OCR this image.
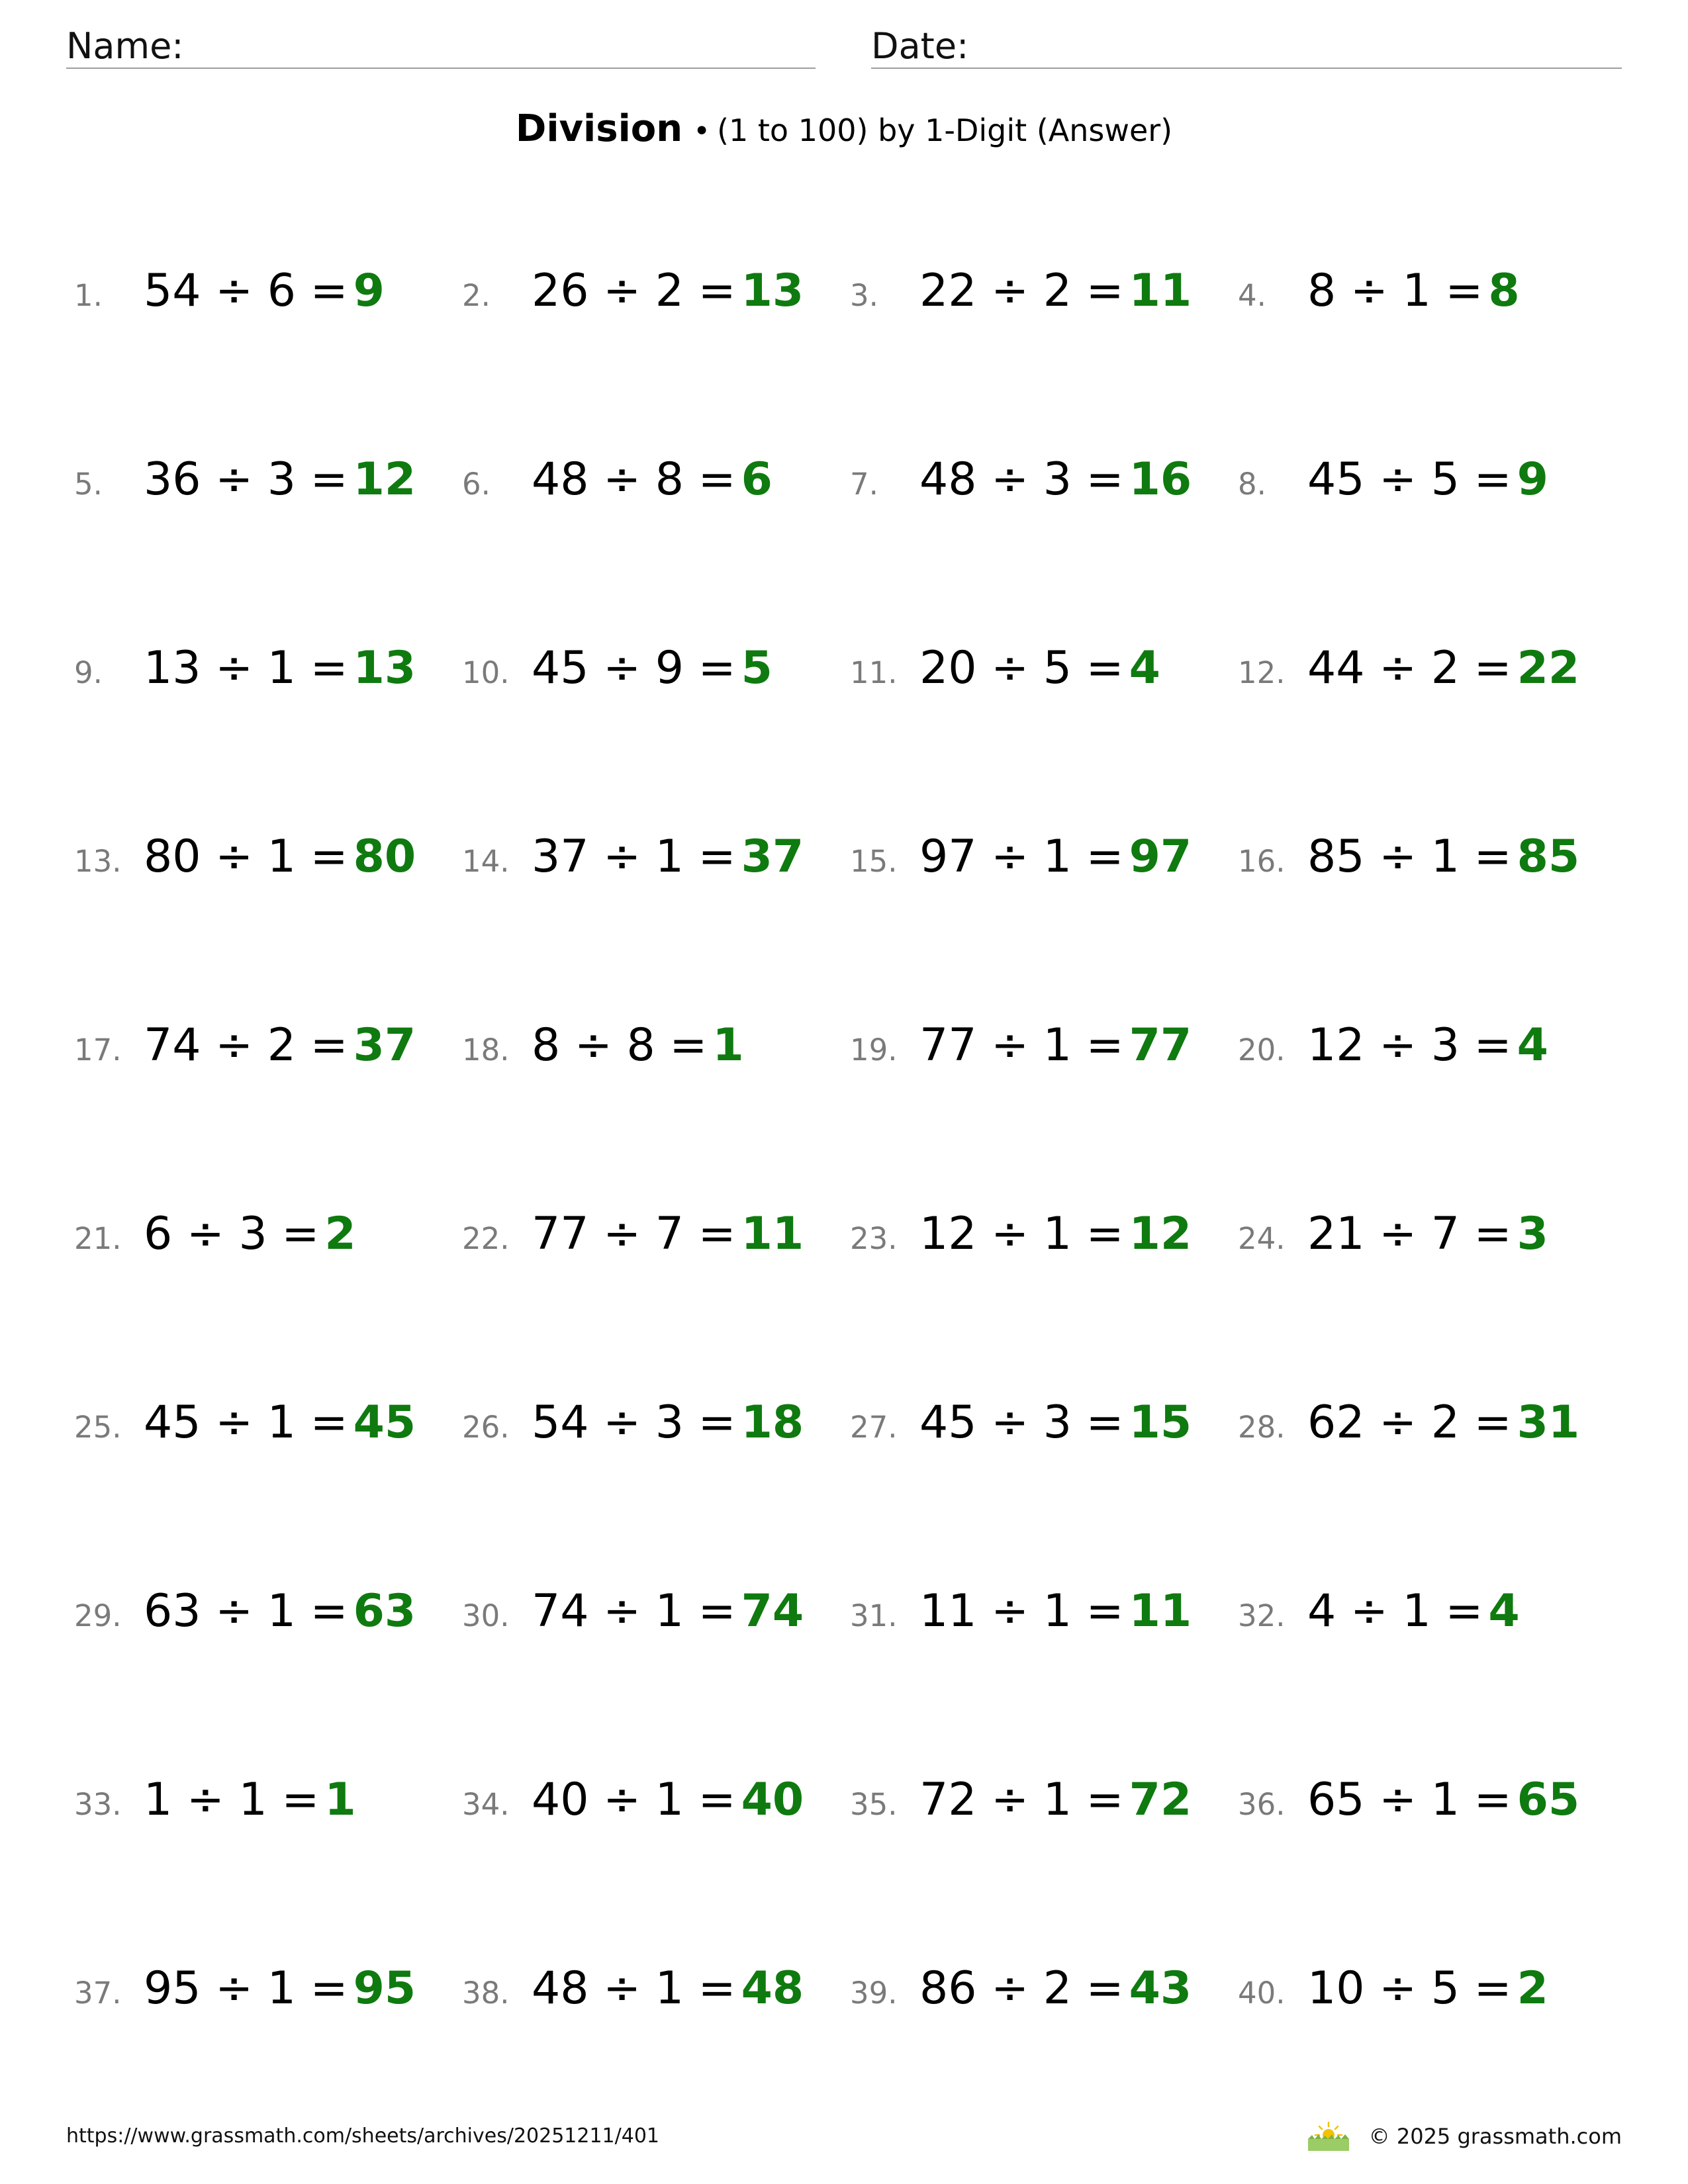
Name:	Date:
Division • (1 to 100) by 1-Digit (Answer)
1. 54 ÷ 6 = 9	2. 26 ÷ 2 = 13 3. 22 ÷ 2 = 11 4. 8 ÷ 1 = 8
5. 36 ÷ 3 = 12 6. 48 ÷ 8 = 6	7. 48 ÷ 3 = 16 8. 45 ÷ 5 = 9
9. 13 ÷ 1 = 13 10. 45 ÷ 9 = 5	11. 20 ÷ 5 = 4	12. 44 ÷ 2 = 22
13. 80 ÷ 1 = 80 14. 37 ÷ 1 = 37 15. 97 ÷ 1 = 97 16. 85 ÷ 1 = 85
17. 74 ÷ 2 = 37 18. 8 ÷ 8 = 1	19. 77 ÷ 1 = 77 20. 12 ÷ 3 = 4
21. 6 ÷ 3 = 2	22. 77 ÷ 7 = 11 23. 12 ÷ 1 = 12 24. 21 ÷ 7 = 3
25. 45 ÷ 1 = 45 26. 54 ÷ 3 = 18 27. 45 ÷ 3 = 15 28. 62 ÷ 2 = 31
29. 63 ÷ 1 = 63 30. 74 ÷ 1 = 74 31. 11 ÷ 1 = 11 32. 4 ÷ 1 = 4
33. 1 ÷ 1 = 1	34. 40 ÷ 1 = 40 35. 72 ÷ 1 = 72 36. 65 ÷ 1 = 65
37. 95 ÷ 1 = 95 38. 48 ÷ 1 = 48 39. 86 ÷ 2 = 43 40. 10 ÷ 5 = 2
https://www.grassmath.com/sheets/archives/20251211/401	© 2025 grassmath.com
